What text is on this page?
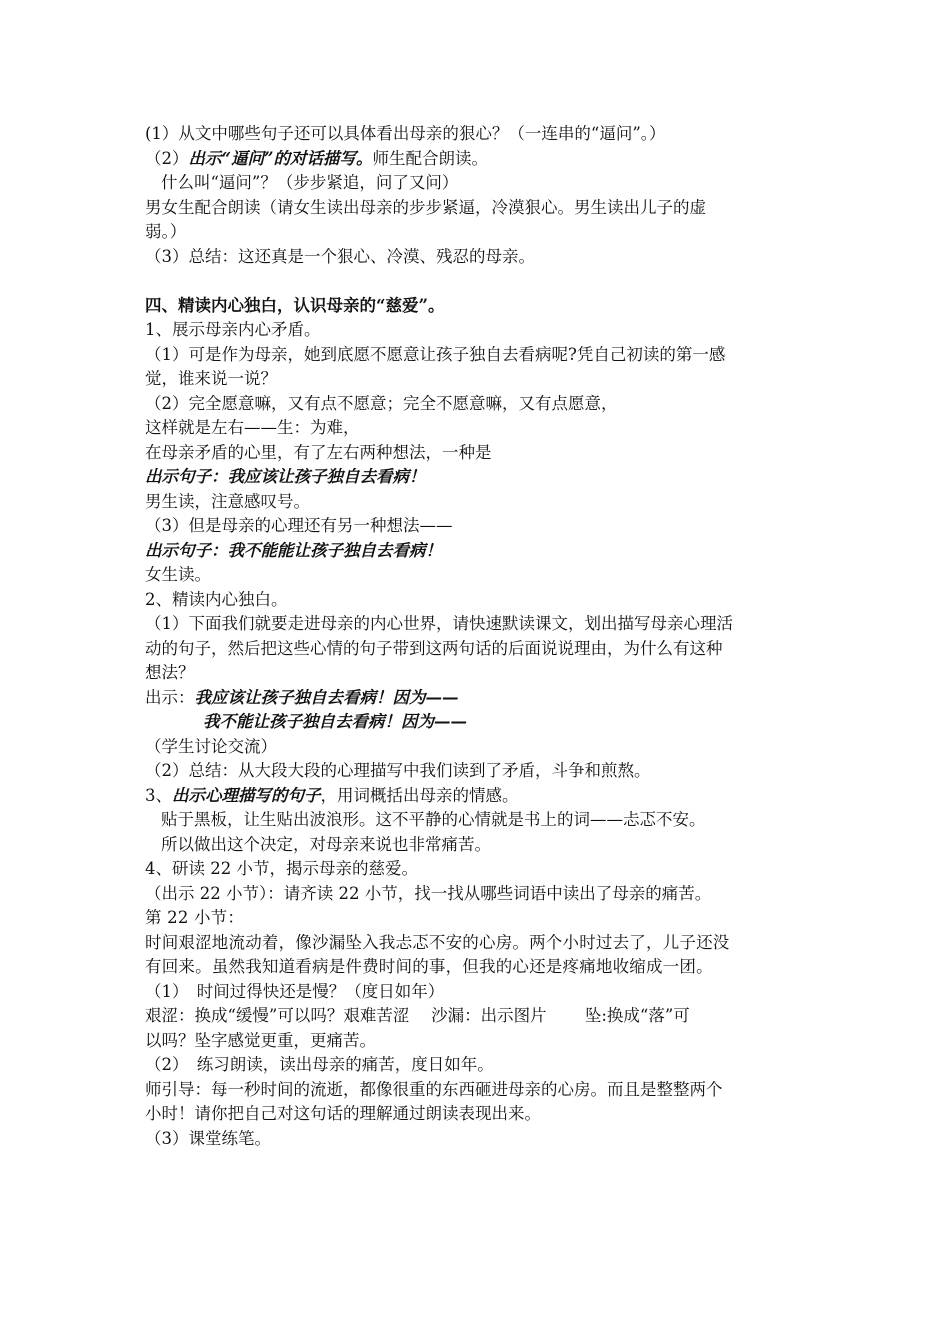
(1）从文中哪些句子还可以具体看出母亲的狠心？（一连串的“逼问”。）
（2）出示“逼问”的对话描写。师生配合朗读。
什么叫“逼问”？（步步紧追，问了又问）
男女生配合朗读（请女生读出母亲的步步紧逼，冷漠狠心。男生读出儿子的虚
弱。）
（3）总结：这还真是一个狠心、冷漠、残忍的母亲。
四、精读内心独白，认识母亲的“慈爱”。
1、展示母亲内心矛盾。
（1）可是作为母亲，她到底愿不愿意让孩子独自去看病呢?凭自己初读的第一感
觉，谁来说一说？
（2）完全愿意嘛，又有点不愿意；完全不愿意嘛，又有点愿意，
这样就是左右——生：为难，
在母亲矛盾的心里，有了左右两种想法，一种是
出示句子：我应该让孩子独自去看病！
男生读，注意感叹号。
（3）但是母亲的心理还有另一种想法——
出示句子：我不能能让孩子独自去看病！
女生读。
2、精读内心独白。
（1）下面我们就要走进母亲的内心世界，请快速默读课文，划出描写母亲心理活
动的句子，然后把这些心情的句子带到这两句话的后面说说理由，为什么有这种
想法？
出示：我应该让孩子独自去看病！因为——
我不能让孩子独自去看病！因为——
（学生讨论交流）
（2）总结：从大段大段的心理描写中我们读到了矛盾，斗争和煎熬。
3、出示心理描写的句子，用词概括出母亲的情感。
贴于黑板，让生贴出波浪形。这不平静的心情就是书上的词——忐忑不安。
所以做出这个决定，对母亲来说也非常痛苦。
4、研读 22 小节，揭示母亲的慈爱。
（出示 22 小节）：请齐读 22 小节，找一找从哪些词语中读出了母亲的痛苦。
第 22 小节：
时间艰涩地流动着，像沙漏坠入我忐忑不安的心房。两个小时过去了，儿子还没
有回来。虽然我知道看病是件费时间的事，但我的心还是疼痛地收缩成一团。
（1）　时间过得快还是慢？（度日如年）
艰涩：换成“缓慢”可以吗？艰难苦涩　 沙漏：出示图片　　 坠:换成“落”可
以吗？坠字感觉更重，更痛苦。
（2）　练习朗读，读出母亲的痛苦，度日如年。
师引导：每一秒时间的流逝，都像很重的东西砸进母亲的心房。而且是整整两个
小时！请你把自己对这句话的理解通过朗读表现出来。
（3）课堂练笔。
